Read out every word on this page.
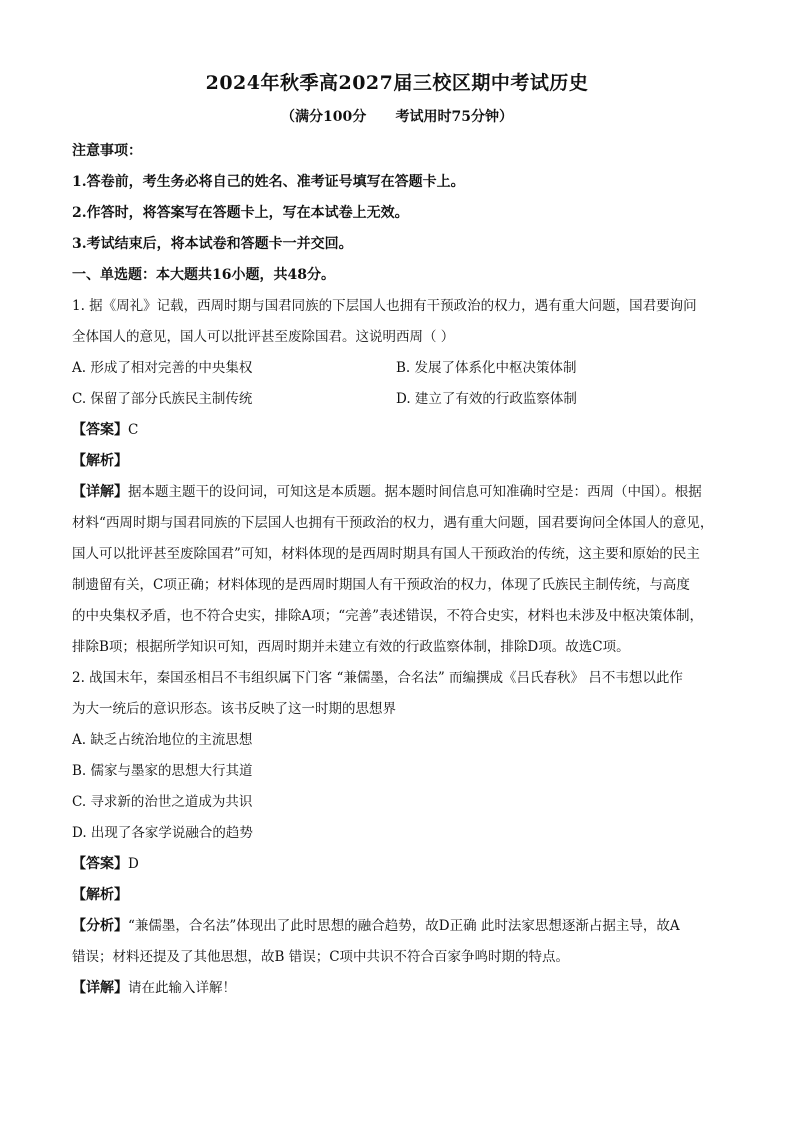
2024年秋季高2027届三校区期中考试历史
（满分100分      考试用时75分钟）
注意事项：
1.答卷前，考生务必将自己的姓名、准考证号填写在答题卡上。
2.作答时，将答案写在答题卡上，写在本试卷上无效。
3.考试结束后，将本试卷和答题卡一并交回。
一、单选题：本大题共16小题，共48分。
1. 据《周礼》记载，西周时期与国君同族的下层国人也拥有干预政治的权力，遇有重大问题，国君要询问
全体国人的意见，国人可以批评甚至废除国君。这说明西周（ ）
A. 形成了相对完善的中央集权	B. 发展了体系化中枢决策体制
C. 保留了部分氏族民主制传统	D. 建立了有效的行政监察体制
【答案】C
【解析】
【详解】据本题主题干的设问词，可知这是本质题。据本题时间信息可知准确时空是：西周（中国）。根据
材料“西周时期与国君同族的下层国人也拥有干预政治的权力，遇有重大问题，国君要询问全体国人的意见，
国人可以批评甚至废除国君”可知，材料体现的是西周时期具有国人干预政治的传统，这主要和原始的民主
制遗留有关，C项正确；材料体现的是西周时期国人有干预政治的权力，体现了氏族民主制传统，与高度
的中央集权矛盾，也不符合史实，排除A项；“完善”表述错误，不符合史实，材料也未涉及中枢决策体制，
排除B项；根据所学知识可知，西周时期并未建立有效的行政监察体制，排除D项。故选C项。
2. 战国末年，秦国丞相吕不韦组织属下门客 “兼儒墨，合名法” 而编撰成《吕氏春秋》 吕不韦想以此作
为大一统后的意识形态。该书反映了这一时期的思想界
A. 缺乏占统治地位的主流思想
B. 儒家与墨家的思想大行其道
C. 寻求新的治世之道成为共识
D. 出现了各家学说融合的趋势
【答案】D
【解析】
【分析】“兼儒墨，合名法”体现出了此时思想的融合趋势，故D正确 此时法家思想逐渐占据主导，故A
错误；材料还提及了其他思想，故B 错误；C项中共识不符合百家争鸣时期的特点。
【详解】请在此输入详解！
